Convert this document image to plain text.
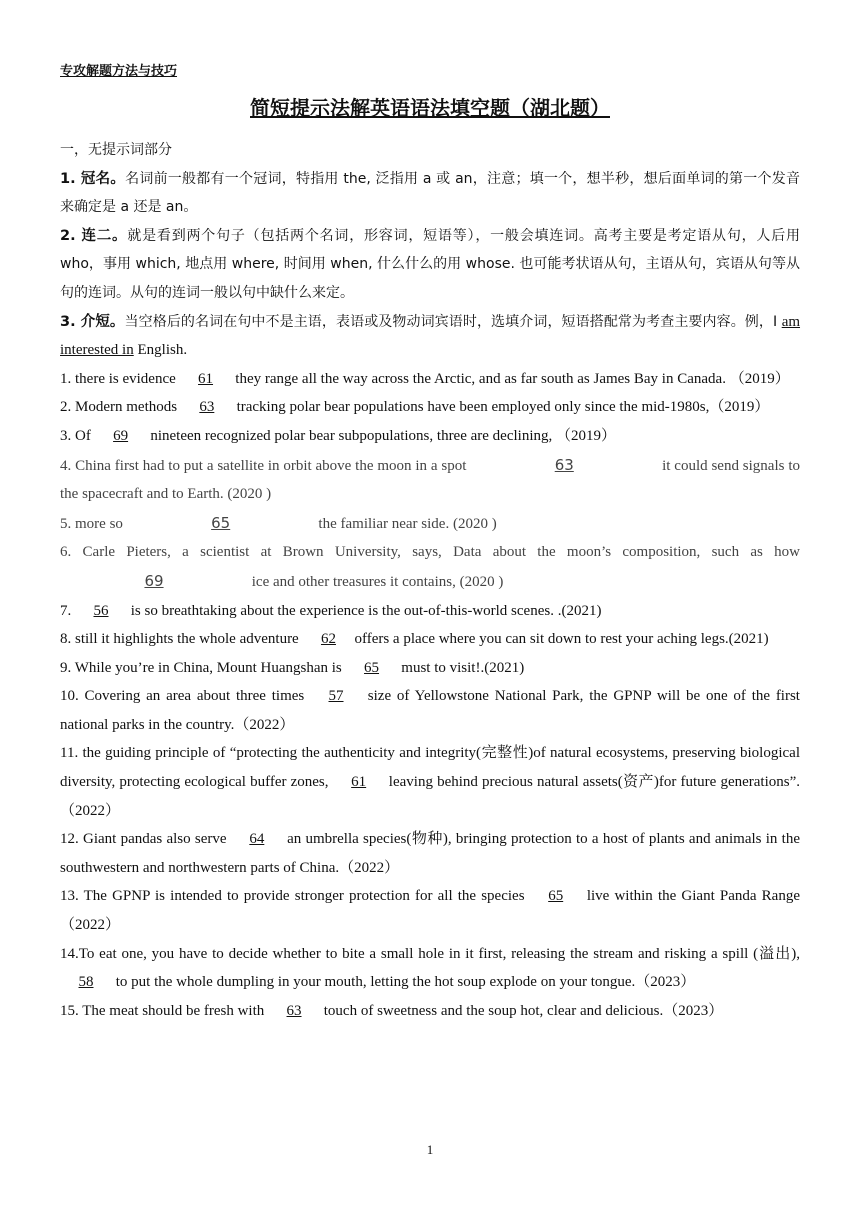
专攻解题方法与技巧
简短提示法解英语语法填空题（湖北题）

一，无提示词部分

1. 冠名。名词前一般都有一个冠词，特指用 the, 泛指用 a 或 an，注意；填一个，想半秒，想后面单词的第一个发音来确定是 a 还是 an。

2. 连二。就是看到两个句子（包括两个名词，形容词，短语等），一般会填连词。高考主要是考定语从句，人后用 who，事用 which, 地点用 where, 时间用 when, 什么什么的用 whose. 也可能考状语从句，主语从句，宾语从句等从句的连词。从句的连词一般以句中缺什么来定。

3. 介短。当空格后的名词在句中不是主语，表语或及物动词宾语时，选填介词，短语搭配常为考查主要内容。例，I am interested in English.

1. there is evidence 61 they range all the way across the Arctic, and as far south as James Bay in Canada. （2019）

2. Modern methods 63 tracking polar bear populations have been employed only since the mid-1980s,（2019）

3. Of 69 nineteen recognized polar bear subpopulations, three are declining, （2019）

4. China first had to put a satellite in orbit above the moon in a spot	63	it could send signals to the spacecraft and to Earth. (2020 )

5. more so	65	the familiar near side. (2020 )

6. Carle Pieters, a scientist at Brown University, says, Data about the moon’s composition, such as how 69	ice and other treasures it contains, (2020 )

7. 56 is so breathtaking about the experience is the out-of-this-world scenes. .(2021)

8. still it highlights the whole adventure 62 offers a place where you can sit down to rest your aching legs.(2021)

9. While you’re in China, Mount Huangshan is 65 must to visit!.(2021)

10. Covering an area about three times 57 size of Yellowstone National Park, the GPNP will be one of the first national parks in the country.（2022）

11. the guiding principle of “protecting the authenticity and integrity(完整性)of natural ecosystems, preserving biological diversity, protecting ecological buffer zones, 61 leaving behind precious natural assets(资产)for future generations”.（2022）

12. Giant pandas also serve 64 an umbrella species(物种), bringing protection to a host of plants and animals in the southwestern and northwestern parts of China.（2022）

13. The GPNP is intended to provide stronger protection for all the species 65 live within the Giant Panda Range （2022）

14.To eat one, you have to decide whether to bite a small hole in it first, releasing the stream and risking a spill (溢出), 58 to put the whole dumpling in your mouth, letting the hot soup explode on your tongue.（2023）

15. The meat should be fresh with 63 touch of sweetness and the soup hot, clear and delicious.（2023）

1
